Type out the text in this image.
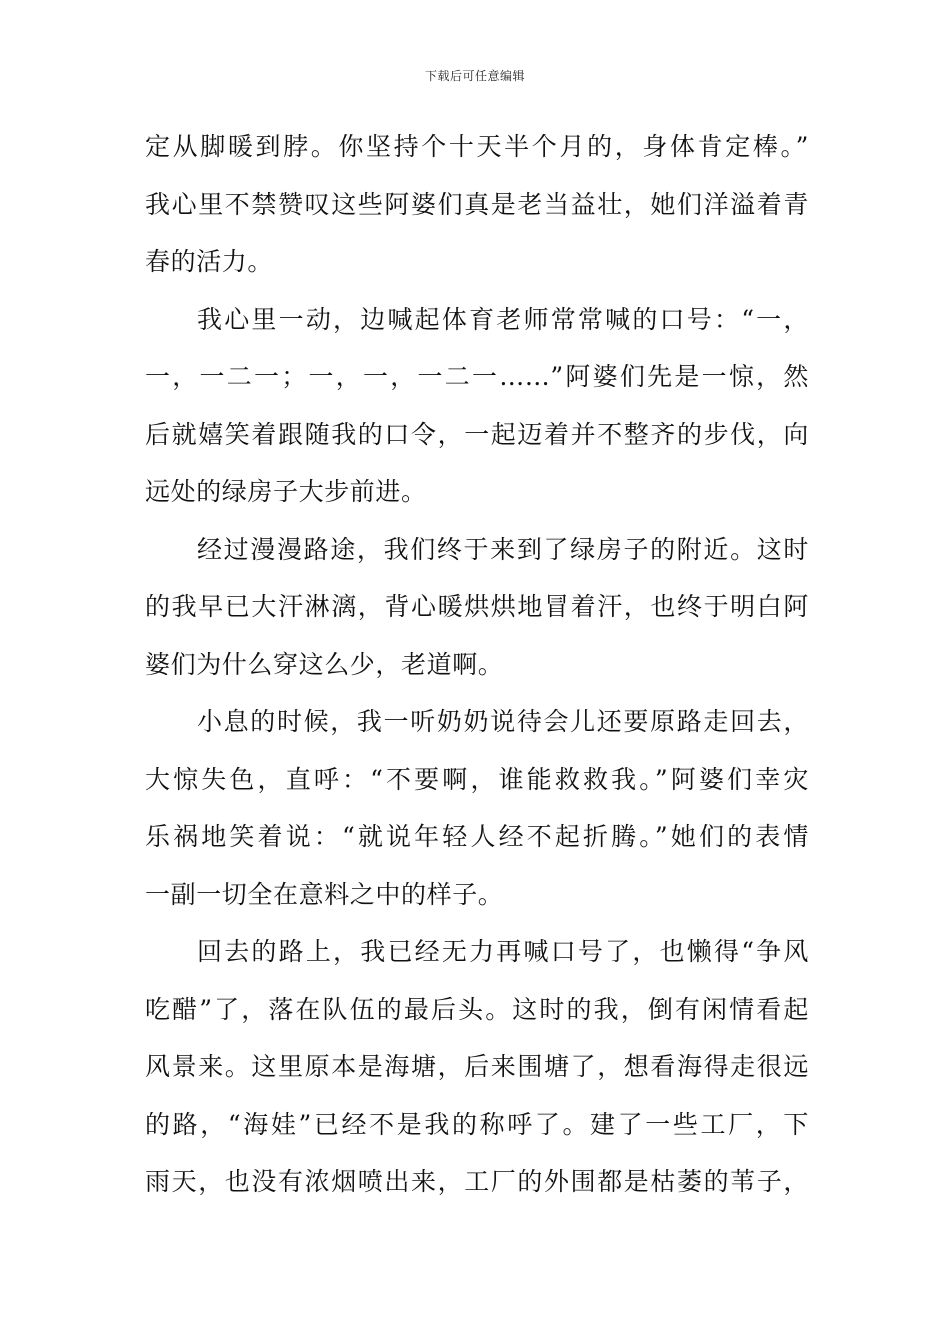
下载后可任意编辑
定从脚暖到脖。你坚持个十天半个月的，身体肯定棒。”
我心里不禁赞叹这些阿婆们真是老当益壮，她们洋溢着青
春的活力。
我心里一动，边喊起体育老师常常喊的口号：“一，
一，一二一；一，一，一二一……”阿婆们先是一惊，然
后就嬉笑着跟随我的口令，一起迈着并不整齐的步伐，向
远处的绿房子大步前进。
经过漫漫路途，我们终于来到了绿房子的附近。这时
的我早已大汗淋漓，背心暖烘烘地冒着汗，也终于明白阿
婆们为什么穿这么少，老道啊。
小息的时候，我一听奶奶说待会儿还要原路走回去，
大惊失色，直呼：“不要啊，谁能救救我。”阿婆们幸灾
乐祸地笑着说：“就说年轻人经不起折腾。”她们的表情
一副一切全在意料之中的样子。
回去的路上，我已经无力再喊口号了，也懒得“争风
吃醋”了，落在队伍的最后头。这时的我，倒有闲情看起
风景来。这里原本是海塘，后来围塘了，想看海得走很远
的路，“海娃”已经不是我的称呼了。建了一些工厂，下
雨天，也没有浓烟喷出来，工厂的外围都是枯萎的苇子，
